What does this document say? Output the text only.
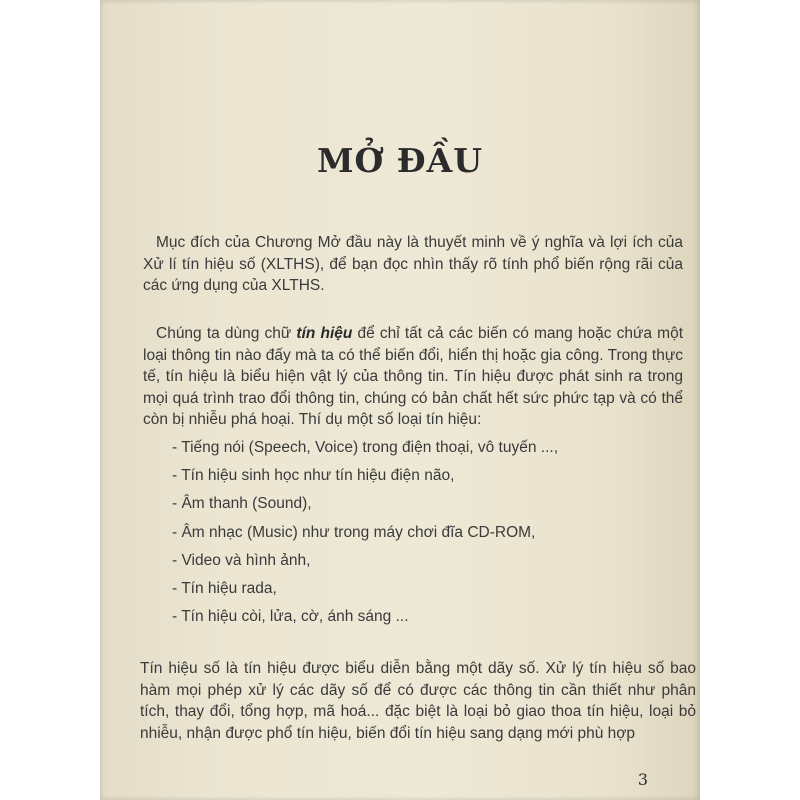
MỞ ĐẦU

Mục đích của Chương Mở đầu này là thuyết minh về ý nghĩa và lợi ích của Xử lí tín hiệu số (XLTHS), để bạn đọc nhìn thấy rõ tính phổ biến rộng rãi của các ứng dụng của XLTHS.

Chúng ta dùng chữ tín hiệu để chỉ tất cả các biến có mang hoặc chứa một loại thông tin nào đấy mà ta có thể biến đổi, hiển thị hoặc gia công. Trong thực tế, tín hiệu là biểu hiện vật lý của thông tin. Tín hiệu được phát sinh ra trong mọi quá trình trao đổi thông tin, chúng có bản chất hết sức phức tạp và có thể còn bị nhiễu phá hoại. Thí dụ một số loại tín hiệu:

- Tiếng nói (Speech, Voice) trong điện thoại, vô tuyến ...,
- Tín hiệu sinh học như tín hiệu điện não,
- Âm thanh (Sound),
- Âm nhạc (Music) như trong máy chơi đĩa CD-ROM,
- Video và hình ảnh,
- Tín hiệu rada,
- Tín hiệu còi, lửa, cờ, ánh sáng ...

Tín hiệu số là tín hiệu được biểu diễn bằng một dãy số. Xử lý tín hiệu số bao hàm mọi phép xử lý các dãy số để có được các thông tin cần thiết như phân tích, thay đổi, tổng hợp, mã hoá... đặc biệt là loại bỏ giao thoa tín hiệu, loại bỏ nhiễu, nhận được phổ tín hiệu, biến đổi tín hiệu sang dạng mới phù hợp

3
